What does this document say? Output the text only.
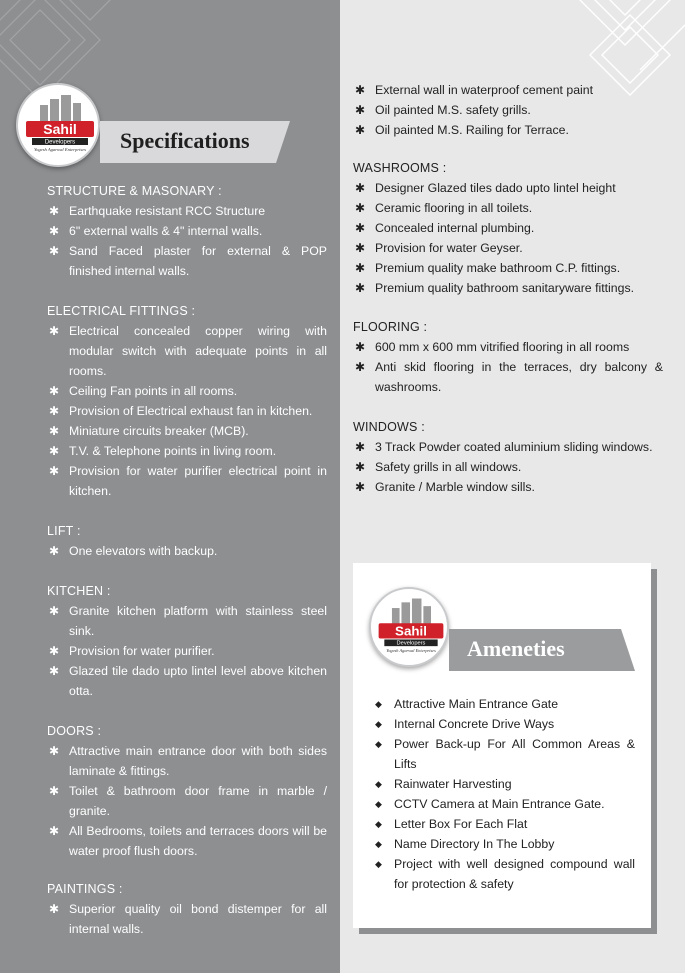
Sahil
Developers
Yogesh Agarwal Enterprises Specifications
STRUCTURE & MASONARY :
✱ Earthquake resistant RCC Structure
✱ 6" external walls & 4" internal walls.
✱ Sand Faced plaster for external & POP finished internal walls.
ELECTRICAL FITTINGS :
✱ Electrical concealed copper wiring with modular switch with adequate points in all rooms.
✱ Ceiling Fan points in all rooms.
✱ Provision of Electrical exhaust fan in kitchen.
✱ Miniature circuits breaker (MCB).
✱ T.V. & Telephone points in living room.
✱ Provision for water purifier electrical point in kitchen.
LIFT :
✱ One elevators with backup.
KITCHEN :
✱ Granite kitchen platform with stainless steel sink.
✱ Provision for water purifier.
✱ Glazed tile dado upto lintel level above kitchen otta.
DOORS :
✱ Attractive main entrance door with both sides laminate & fittings.
✱ Toilet & bathroom door frame in marble / granite.
✱ All Bedrooms, toilets and terraces doors will be water proof flush doors.
PAINTINGS :
✱ Superior quality oil bond distemper for all internal walls.
✱ External wall in waterproof cement paint
✱ Oil painted M.S. safety grills.
✱ Oil painted M.S. Railing for Terrace.
WASHROOMS :
✱ Designer Glazed tiles dado upto lintel height
✱ Ceramic flooring in all toilets.
✱ Concealed internal plumbing.
✱ Provision for water Geyser.
✱ Premium quality make bathroom C.P. fittings.
✱ Premium quality bathroom sanitaryware fittings.
FLOORING :
✱ 600 mm x 600 mm vitrified flooring in all rooms
✱ Anti skid flooring in the terraces, dry balcony & washrooms.
WINDOWS :
✱ 3 Track Powder coated aluminium sliding windows.
✱ Safety grills in all windows.
✱ Granite / Marble window sills.
Sahil
Developers
Yogesh Agarwal Enterprises Ameneties
◆ Attractive Main Entrance Gate
◆ Internal Concrete Drive Ways
◆ Power Back-up For All Common Areas & Lifts
◆ Rainwater Harvesting
◆ CCTV Camera at Main Entrance Gate.
◆ Letter Box For Each Flat
◆ Name Directory In The Lobby
◆ Project with well designed compound wall for protection & safety
